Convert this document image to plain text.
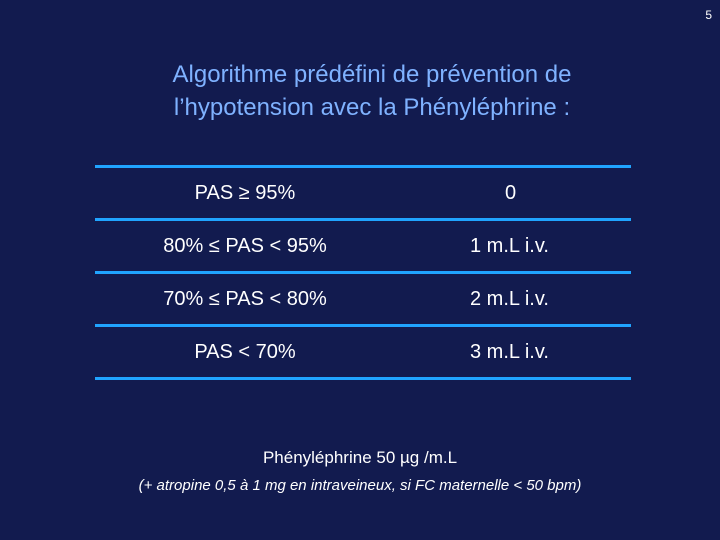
5
Algorithme prédéfini de prévention de
l’hypotension avec la Phényléphrine :
PAS ≥ 95%	0
80% ≤ PAS < 95%	1 m.L i.v.
70% ≤ PAS < 80%	2 m.L i.v.
PAS < 70%	3 m.L i.v.
Phényléphrine 50 µg /m.L
(+ atropine 0,5 à 1 mg en intraveineux, si FC maternelle < 50 bpm)
